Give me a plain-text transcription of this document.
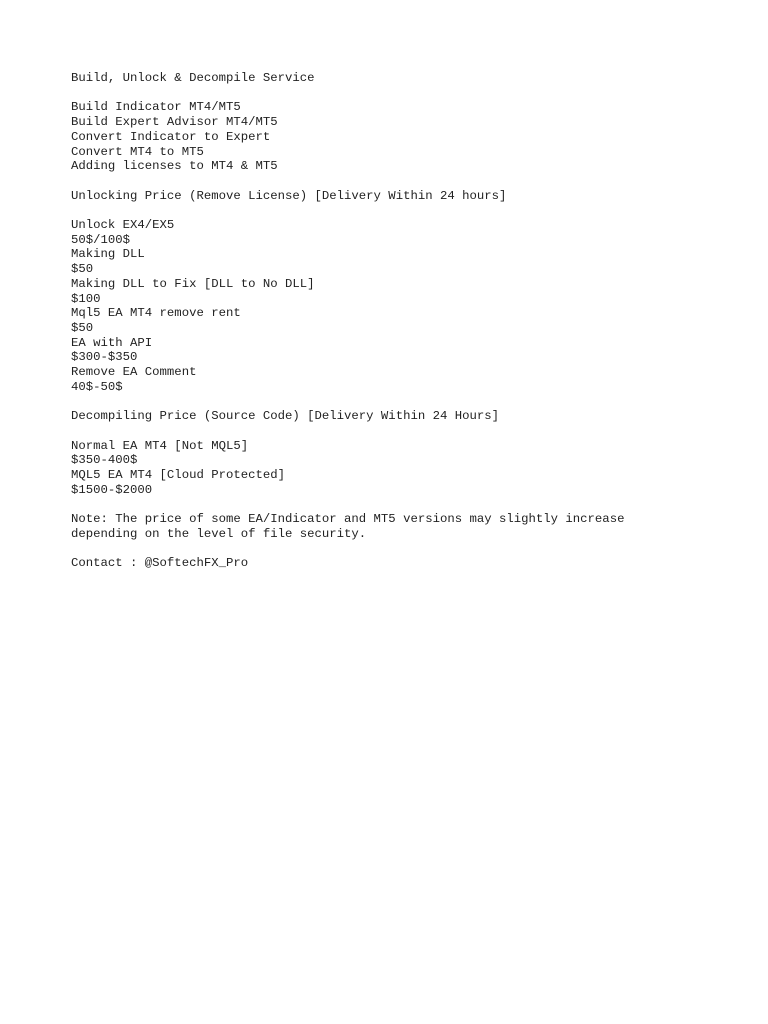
Build, Unlock & Decompile Service
Build Indicator MT4/MT5
Build Expert Advisor MT4/MT5
Convert Indicator to Expert
Convert MT4 to MT5
Adding licenses to MT4 & MT5
Unlocking Price (Remove License) [Delivery Within 24 hours]
Unlock EX4/EX5
50$/100$
Making DLL
$50
Making DLL to Fix [DLL to No DLL]
$100
Mql5 EA MT4 remove rent
$50
EA with API
$300-$350
Remove EA Comment
40$-50$
Decompiling Price (Source Code) [Delivery Within 24 Hours]
Normal EA MT4 [Not MQL5]
$350-400$
MQL5 EA MT4 [Cloud Protected]
$1500-$2000
Note: The price of some EA/Indicator and MT5 versions may slightly increase
depending on the level of file security.
Contact : @SoftechFX_Pro
